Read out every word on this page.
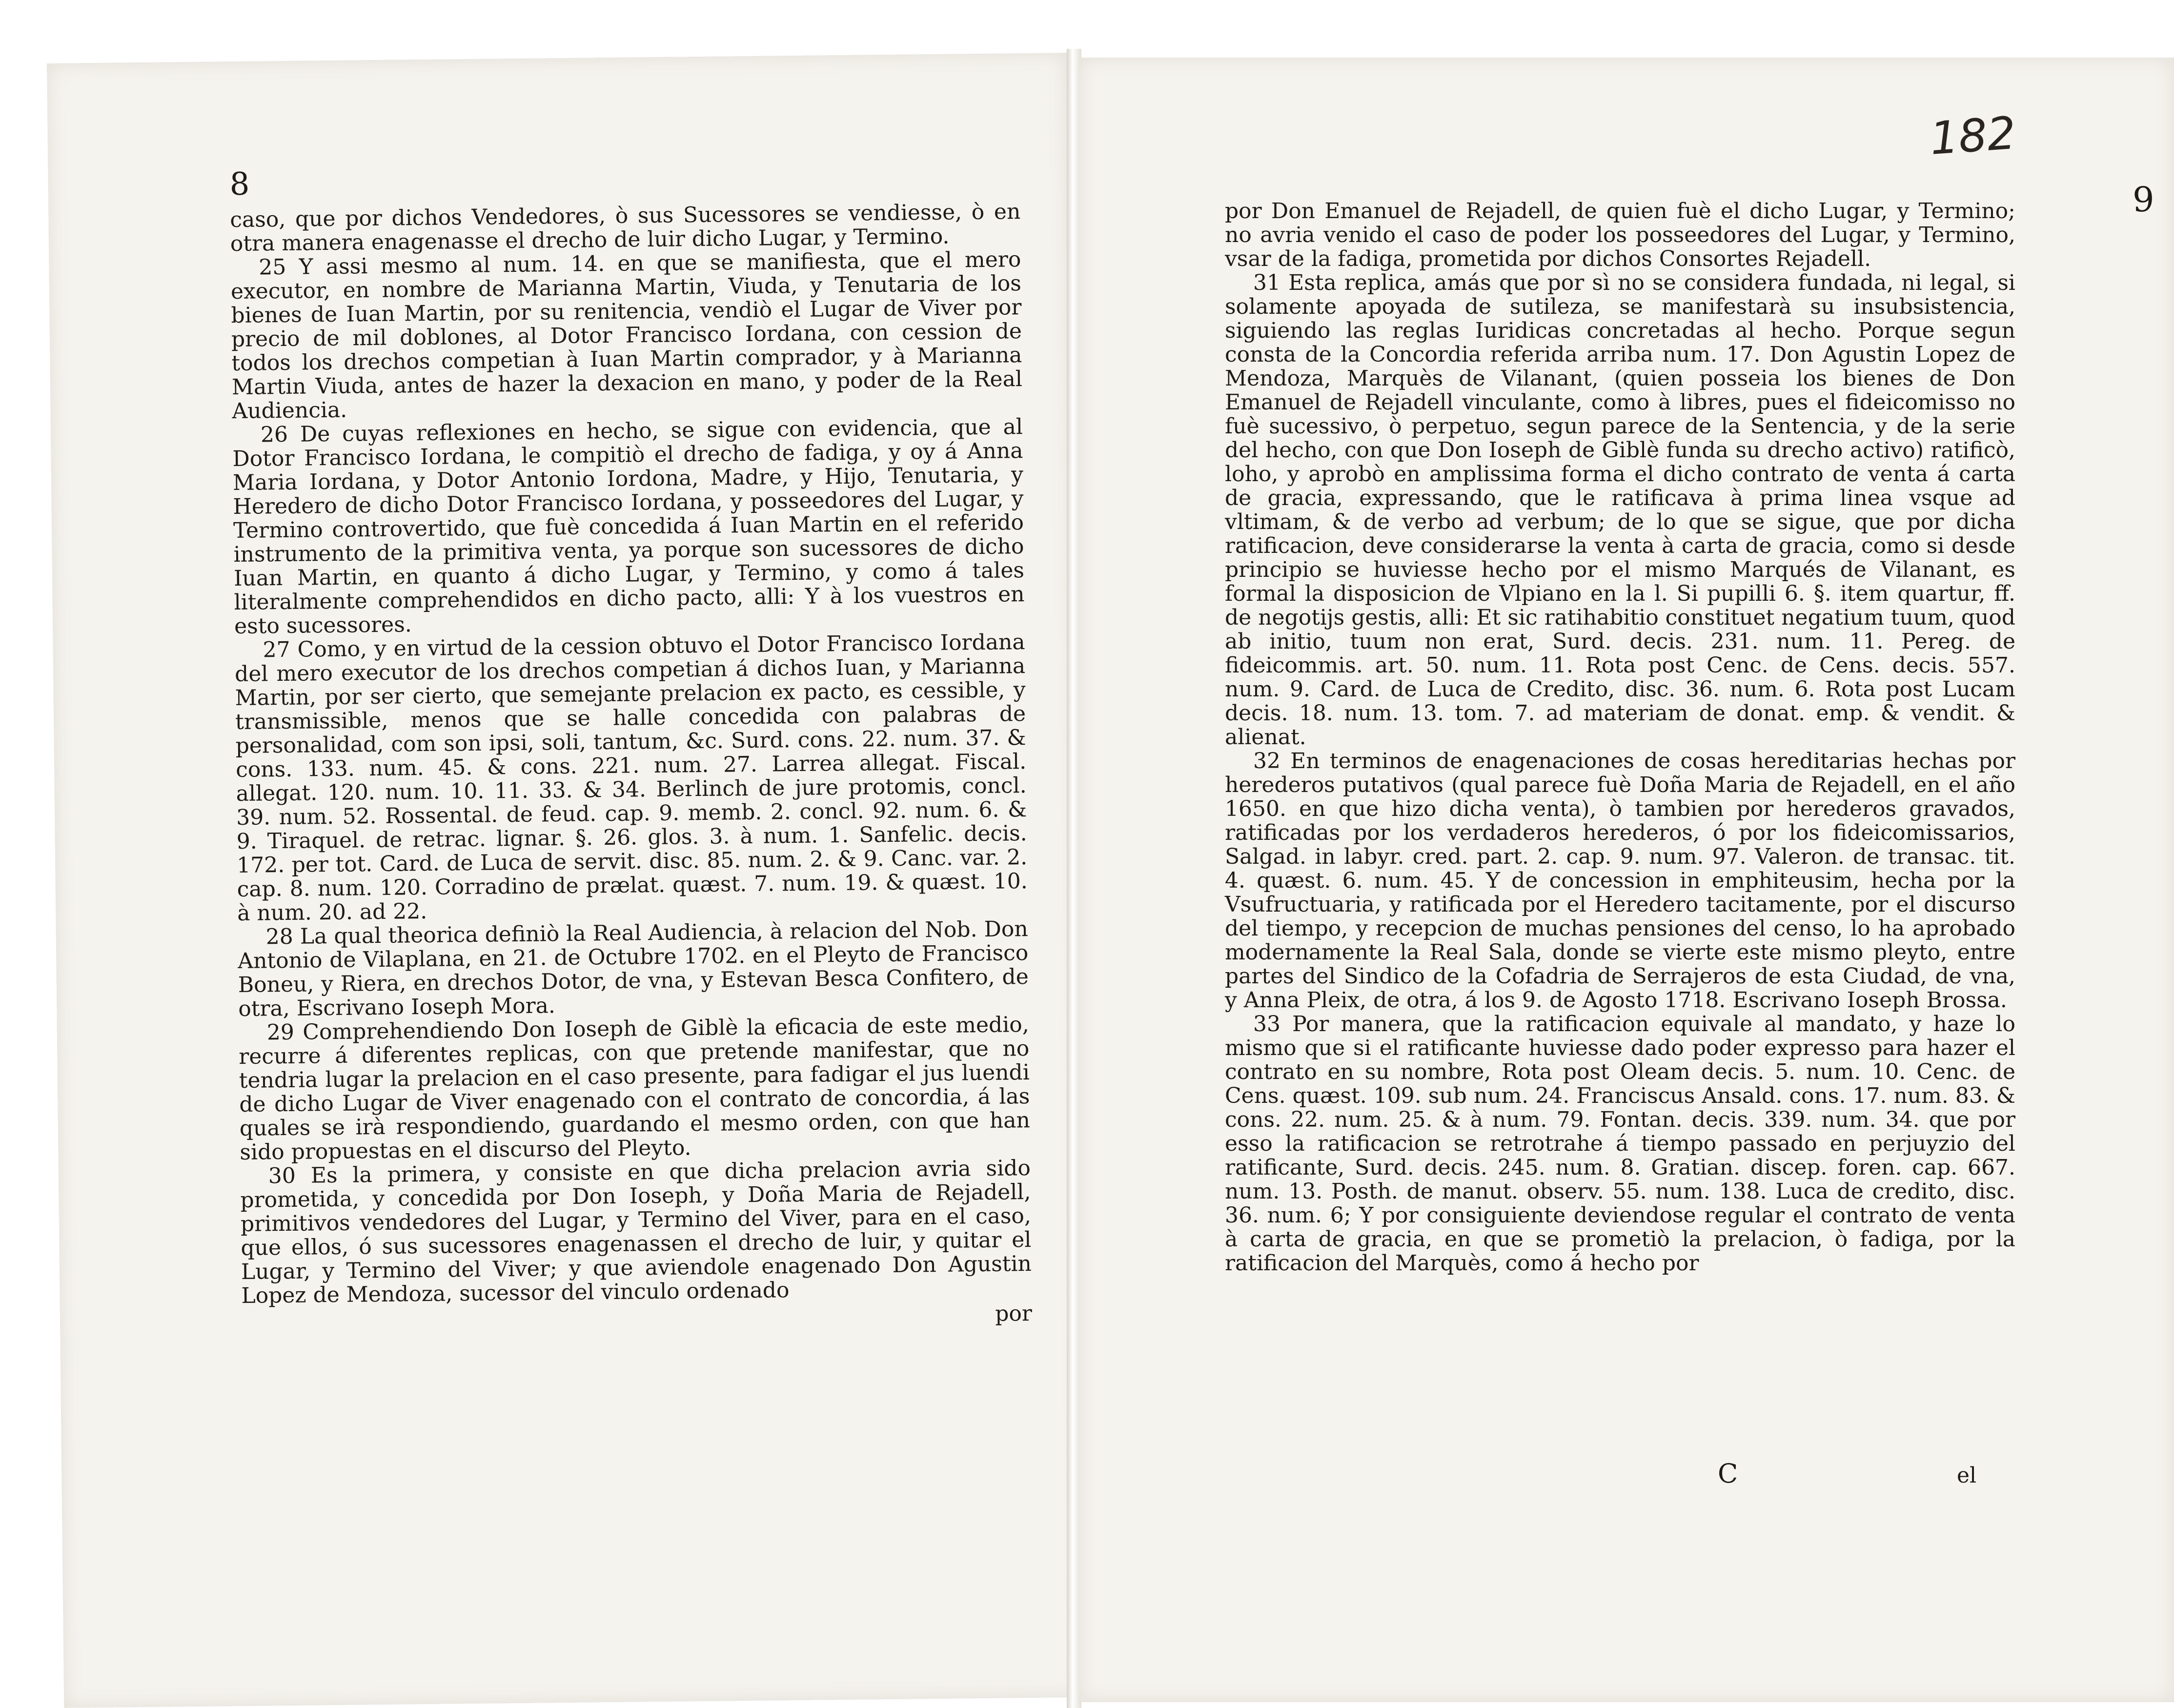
8

caso, que por dichos Vendedores, ò sus Sucessores se vendiesse, ò en otra manera enagenasse el drecho de luir dicho Lugar, y Termino.

25 Y assi mesmo al num. 14. en que se manifiesta, que el mero executor, en nombre de Marianna Martin, Viuda, y Tenutaria de los bienes de Iuan Martin, por su renitencia, vendiò el Lugar de Viver por precio de mil doblones, al Dotor Francisco Iordana, con cession de todos los drechos competian à Iuan Martin comprador, y à Marianna Martin Viuda, antes de hazer la dexacion en mano, y poder de la Real Audiencia.

26 De cuyas reflexiones en hecho, se sigue con evidencia, que al Dotor Francisco Iordana, le compitiò el drecho de fadiga, y oy á Anna Maria Iordana, y Dotor Antonio Iordona, Madre, y Hijo, Tenutaria, y Heredero de dicho Dotor Francisco Iordana, y posseedores del Lugar, y Termino controvertido, que fuè concedida á Iuan Martin en el referido instrumento de la primitiva venta, ya porque son sucessores de dicho Iuan Martin, en quanto á dicho Lugar, y Termino, y como á tales literalmente comprehendidos en dicho pacto, alli: Y à los vuestros en esto sucessores.

27 Como, y en virtud de la cession obtuvo el Dotor Francisco Iordana del mero executor de los drechos competian á dichos Iuan, y Marianna Martin, por ser cierto, que semejante prelacion ex pacto, es cessible, y transmissible, menos que se halle concedida con palabras de personalidad, com son ipsi, soli, tantum, &c. Surd. cons. 22. num. 37. & cons. 133. num. 45. & cons. 221. num. 27. Larrea allegat. Fiscal. allegat. 120. num. 10. 11. 33. & 34. Berlinch de jure protomis, concl. 39. num. 52. Rossental. de feud. cap. 9. memb. 2. concl. 92. num. 6. & 9. Tiraquel. de retrac. lignar. §. 26. glos. 3. à num. 1. Sanfelic. decis. 172. per tot. Card. de Luca de servit. disc. 85. num. 2. & 9. Canc. var. 2. cap. 8. num. 120. Corradino de prælat. quæst. 7. num. 19. & quæst. 10. à num. 20. ad 22.

28 La qual theorica definiò la Real Audiencia, à relacion del Nob. Don Antonio de Vilaplana, en 21. de Octubre 1702. en el Pleyto de Francisco Boneu, y Riera, en drechos Dotor, de vna, y Estevan Besca Confitero, de otra, Escrivano Ioseph Mora.

29 Comprehendiendo Don Ioseph de Giblè la eficacia de este medio, recurre á diferentes replicas, con que pretende manifestar, que no tendria lugar la prelacion en el caso presente, para fadigar el jus luendi de dicho Lugar de Viver enagenado con el contrato de concordia, á las quales se irà respondiendo, guardando el mesmo orden, con que han sido propuestas en el discurso del Pleyto.

30 Es la primera, y consiste en que dicha prelacion avria sido prometida, y concedida por Don Ioseph, y Doña Maria de Rejadell, primitivos vendedores del Lugar, y Termino del Viver, para en el caso, que ellos, ó sus sucessores enagenassen el drecho de luir, y quitar el Lugar, y Termino del Viver; y que aviendole enagenado Don Agustin Lopez de Mendoza, sucessor del vinculo ordenado

por
9

por Don Emanuel de Rejadell, de quien fuè el dicho Lugar, y Termino; no avria venido el caso de poder los posseedores del Lugar, y Termino, vsar de la fadiga, prometida por dichos Consortes Rejadell.

31 Esta replica, amás que por sì no se considera fundada, ni legal, si solamente apoyada de sutileza, se manifestarà su insubsistencia, siguiendo las reglas Iuridicas concretadas al hecho. Porque segun consta de la Concordia referida arriba num. 17. Don Agustin Lopez de Mendoza, Marquès de Vilanant, (quien posseia los bienes de Don Emanuel de Rejadell vinculante, como à libres, pues el fideicomisso no fuè sucessivo, ò perpetuo, segun parece de la Sentencia, y de la serie del hecho, con que Don Ioseph de Giblè funda su drecho activo) ratificò, loho, y aprobò en amplissima forma el dicho contrato de venta á carta de gracia, expressando, que le ratificava à prima linea vsque ad vltimam, & de verbo ad verbum; de lo que se sigue, que por dicha ratificacion, deve considerarse la venta à carta de gracia, como si desde principio se huviesse hecho por el mismo Marqués de Vilanant, es formal la disposicion de Vlpiano en la l. Si pupilli 6. §. item quartur, ff. de negotijs gestis, alli: Et sic ratihabitio constituet negatium tuum, quod ab initio, tuum non erat, Surd. decis. 231. num. 11. Pereg. de fideicommis. art. 50. num. 11. Rota post Cenc. de Cens. decis. 557. num. 9. Card. de Luca de Credito, disc. 36. num. 6. Rota post Lucam decis. 18. num. 13. tom. 7. ad materiam de donat. emp. & vendit. & alienat.

32 En terminos de enagenaciones de cosas hereditarias hechas por herederos putativos (qual parece fuè Doña Maria de Rejadell, en el año 1650. en que hizo dicha venta), ò tambien por herederos gravados, ratificadas por los verdaderos herederos, ó por los fideicomissarios, Salgad. in labyr. cred. part. 2. cap. 9. num. 97. Valeron. de transac. tit. 4. quæst. 6. num. 45. Y de concession in emphiteusim, hecha por la Vsufructuaria, y ratificada por el Heredero tacitamente, por el discurso del tiempo, y recepcion de muchas pensiones del censo, lo ha aprobado modernamente la Real Sala, donde se vierte este mismo pleyto, entre partes del Sindico de la Cofadria de Serrajeros de esta Ciudad, de vna, y Anna Pleix, de otra, á los 9. de Agosto 1718. Escrivano Ioseph Brossa.

33 Por manera, que la ratificacion equivale al mandato, y haze lo mismo que si el ratificante huviesse dado poder expresso para hazer el contrato en su nombre, Rota post Oleam decis. 5. num. 10. Cenc. de Cens. quæst. 109. sub num. 24. Franciscus Ansald. cons. 17. num. 83. & cons. 22. num. 25. & à num. 79. Fontan. decis. 339. num. 34. que por esso la ratificacion se retrotrahe á tiempo passado en perjuyzio del ratificante, Surd. decis. 245. num. 8. Gratian. discep. foren. cap. 667. num. 13. Posth. de manut. observ. 55. num. 138. Luca de credito, disc. 36. num. 6; Y por consiguiente deviendose regular el contrato de venta à carta de gracia, en que se prometiò la prelacion, ò fadiga, por la ratificacion del Marquès, como á hecho por

C	el
182
